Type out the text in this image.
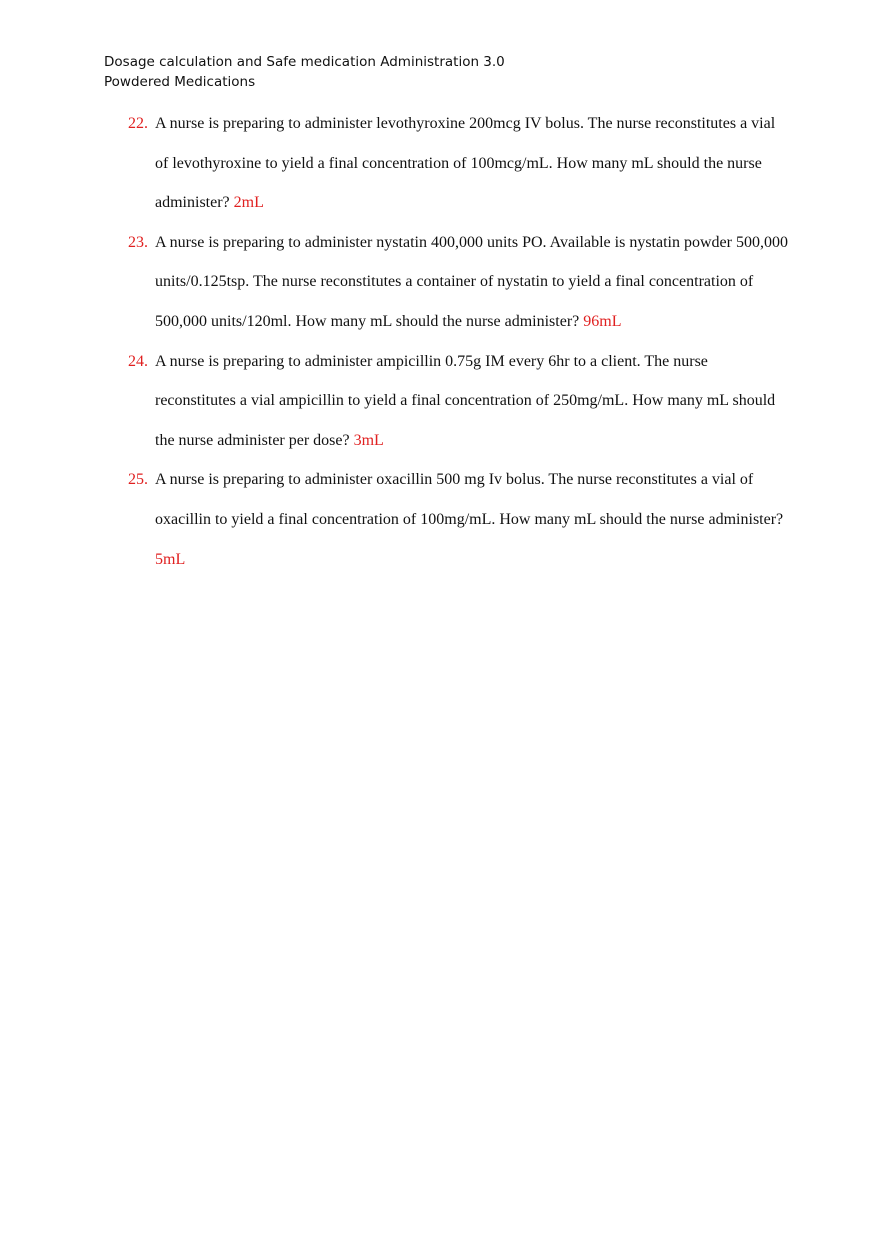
Dosage calculation and Safe medication Administration 3.0
Powdered Medications
22. A nurse is preparing to administer levothyroxine 200mcg IV bolus. The nurse reconstitutes a vial of levothyroxine to yield a final concentration of 100mcg/mL. How many mL should the nurse administer? 2mL
23. A nurse is preparing to administer nystatin 400,000 units PO. Available is nystatin powder 500,000 units/0.125tsp. The nurse reconstitutes a container of nystatin to yield a final concentration of 500,000 units/120ml. How many mL should the nurse administer? 96mL
24. A nurse is preparing to administer ampicillin 0.75g IM every 6hr to a client. The nurse reconstitutes a vial ampicillin to yield a final concentration of 250mg/mL. How many mL should the nurse administer per dose? 3mL
25. A nurse is preparing to administer oxacillin 500 mg Iv bolus. The nurse reconstitutes a vial of oxacillin to yield a final concentration of 100mg/mL. How many mL should the nurse administer? 5mL
